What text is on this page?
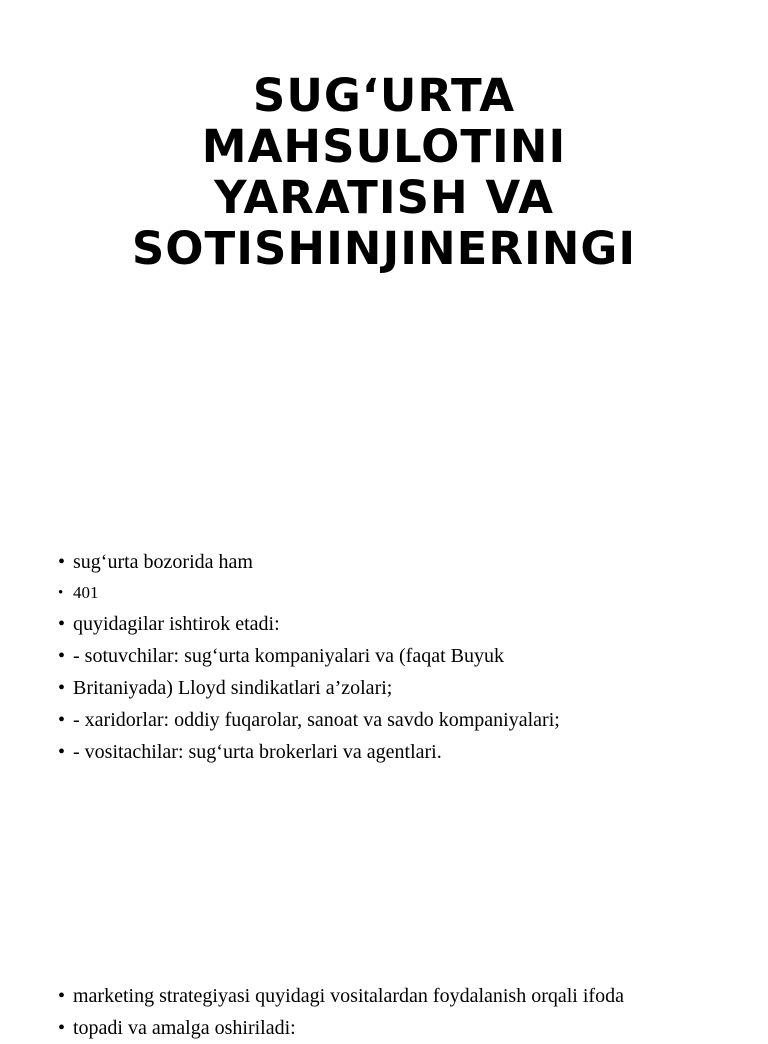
SUG‘URTA
MAHSULOTINI
YARATISH VA
SOTISHINJINERINGI
• sug‘urta bozorida ham
• 401
• quyidagilar ishtirok etadi:
• - sotuvchilar: sug‘urta kompaniyalari va (faqat Buyuk
• Britaniyada) Lloyd sindikatlari a’zolari;
• - xaridorlar: oddiy fuqarolar, sanoat va savdo kompaniyalari;
• - vositachilar: sug‘urta brokerlari va agentlari.
• marketing strategiyasi quyidagi vositalardan foydalanish orqali ifoda
• topadi va amalga oshiriladi:
